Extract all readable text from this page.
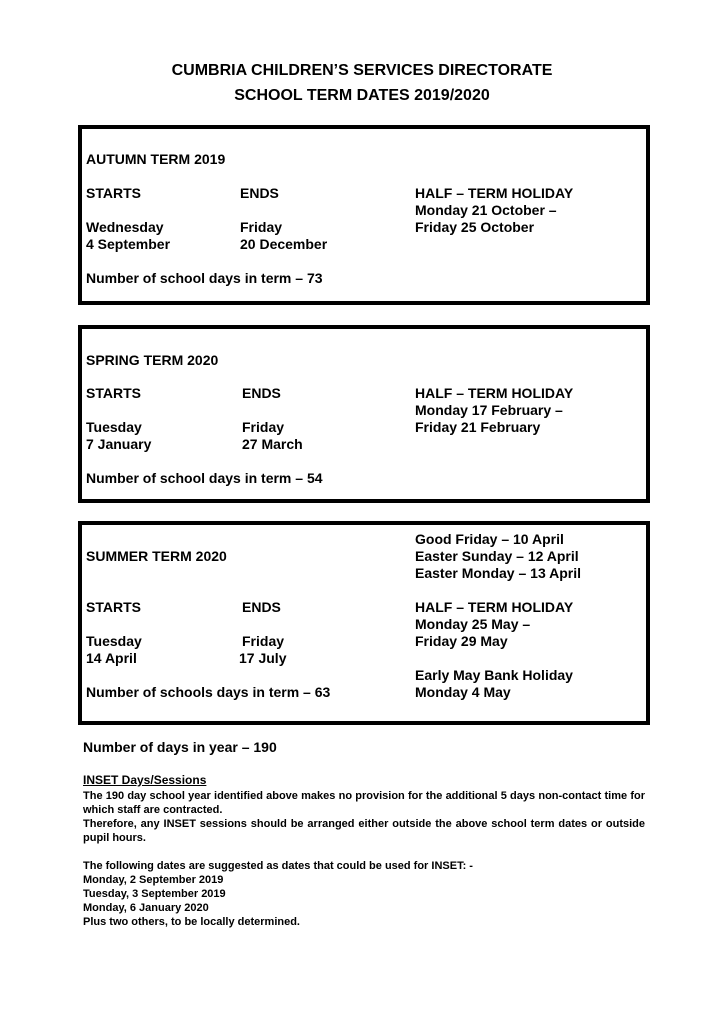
CUMBRIA CHILDREN’S SERVICES DIRECTORATE
SCHOOL TERM DATES 2019/2020
AUTUMN TERM 2019
STARTS	ENDS	HALF – TERM HOLIDAY
Monday 21 October –
Wednesday	Friday	Friday 25 October
4 September	20 December
Number of school days in term – 73
SPRING TERM 2020
STARTS	ENDS	HALF – TERM HOLIDAY
Monday 17 February –
Tuesday	Friday	Friday 21 February
7 January	27 March
Number of school days in term – 54
Good Friday – 10 April
SUMMER TERM 2020	Easter Sunday – 12 April
Easter Monday – 13 April
STARTS	ENDS	HALF – TERM HOLIDAY
Monday 25 May –
Tuesday	Friday	Friday 29 May
14 April	17 July
Early May Bank Holiday
Number of schools days in term – 63	Monday 4 May
Number of days in year – 190
INSET Days/Sessions
The 190 day school year identified above makes no provision for the additional 5 days non-contact time for which staff are contracted.
Therefore, any INSET sessions should be arranged either outside the above school term dates or outside pupil hours.
The following dates are suggested as dates that could be used for INSET: -
Monday, 2 September 2019
Tuesday, 3 September 2019
Monday, 6 January 2020
Plus two others, to be locally determined.
